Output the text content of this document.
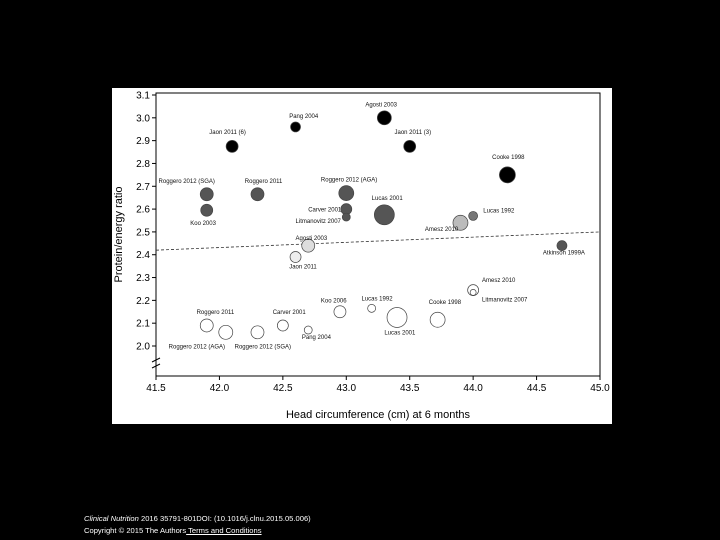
2.0
2.1
2.2
2.3
2.4
2.5
2.6
2.7
2.8
2.9
3.0
3.1
41.5	42.0	42.5	43.0	43.5	44.0	44.5	45.0
Protein/energy ratio
Head circumference (cm) at 6 months
Agosti 2003
Pang 2004
Jaon 2011 (6)	Jaon 2011 (3)
Cooke 1998
Roggero 2012 (SGA)	Roggero 2011	Roggero 2012 (AGA)
Carver 2001
Lucas 2001
Lucas 1992
Koo 2003	Litmanovitz 2007
Amesz 2010
Agosti 2003
Atkinson 1999A
Jaon 2011
Amesz 2010
Lucas 1992
Koo 2006	Cooke 1998	Litmanovitz 2007
Roggero 2011	Carver 2001
Lucas 2001
Pang 2004
Roggero 2012 (AGA) Roggero 2012 (SGA)
Clinical Nutrition 2016 35791-801DOI: (10.1016/j.clnu.2015.05.006)
Copyright © 2015 The Authors Terms and Conditions
